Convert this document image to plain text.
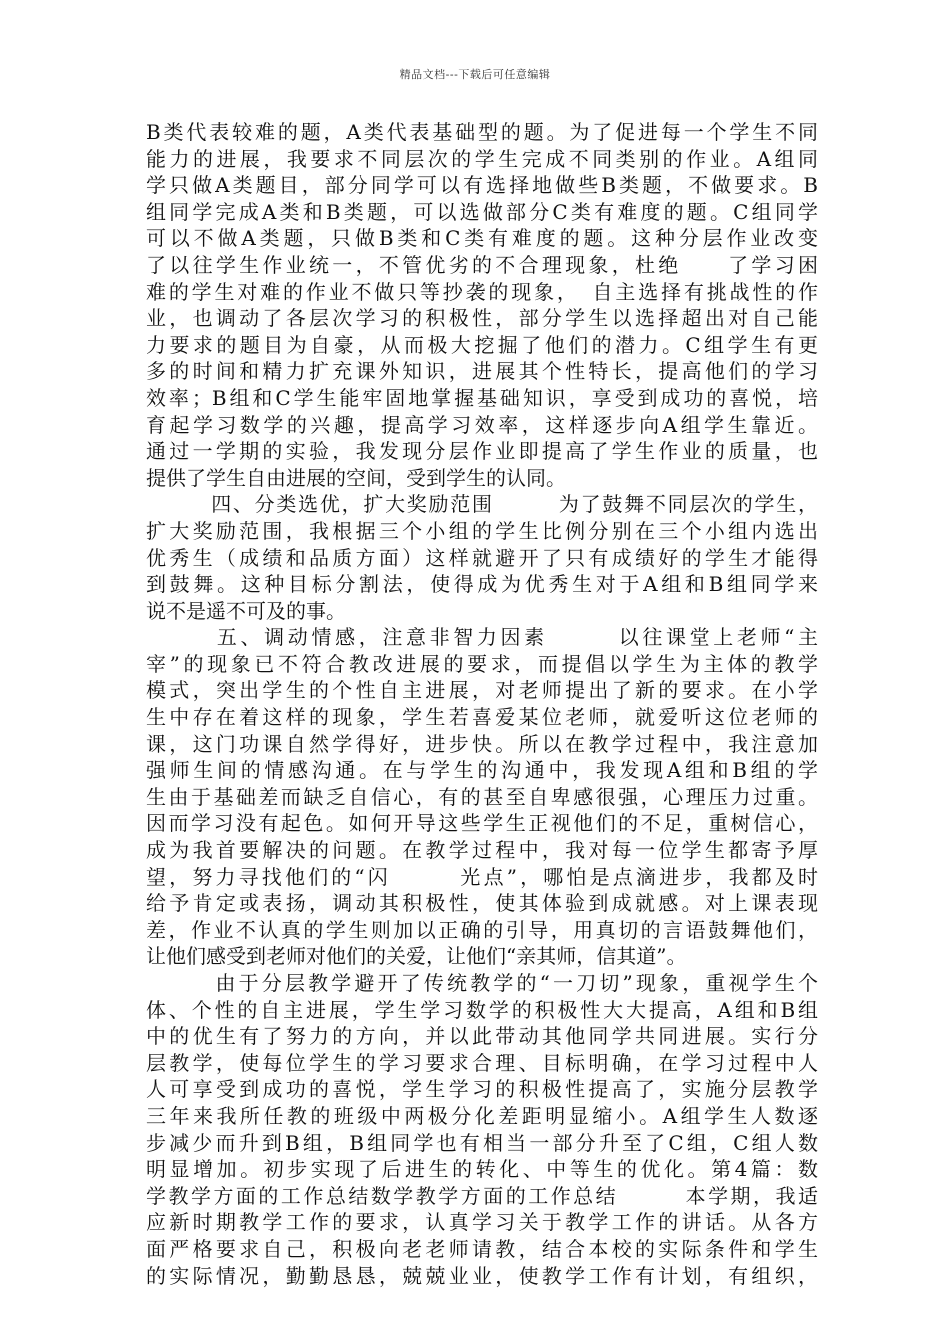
精品文档---下载后可任意编辑
B类代表较难的题，A类代表基础型的题。为了促进每一个学生不同
能力的进展，我要求不同层次的学生完成不同类别的作业。A组同
学只做A类题目，部分同学可以有选择地做些B类题，不做要求。B
组同学完成A类和B类题，可以选做部分C类有难度的题。C组同学
可以不做A类题，只做B类和C类有难度的题。这种分层作业改变
了以往学生作业统一，不管优劣的不合理现象，杜绝　　了学习困
难的学生对难的作业不做只等抄袭的现象，　自主选择有挑战性的作
业，也调动了各层次学习的积极性，部分学生以选择超出对自己能
力要求的题目为自豪，从而极大挖掘了他们的潜力。C组学生有更
多的时间和精力扩充课外知识，进展其个性特长，提高他们的学习
效率；B组和C学生能牢固地掌握基础知识，享受到成功的喜悦，培
育起学习数学的兴趣，提高学习效率，这样逐步向A组学生靠近。
通过一学期的实验，我发现分层作业即提高了学生作业的质量，也
提供了学生自由进展的空间，受到学生的认同。
　　　四、分类选优，扩大奖励范围　　　为了鼓舞不同层次的学生，
扩大奖励范围，我根据三个小组的学生比例分别在三个小组内选出
优秀生（成绩和品质方面）这样就避开了只有成绩好的学生才能得
到鼓舞。这种目标分割法，使得成为优秀生对于A组和B组同学来
说不是遥不可及的事。
　　　五、调动情感，注意非智力因素　　　以往课堂上老师“主
宰”的现象已不符合教改进展的要求，而提倡以学生为主体的教学
模式，突出学生的个性自主进展，对老师提出了新的要求。在小学
生中存在着这样的现象，学生若喜爱某位老师，就爱听这位老师的
课，这门功课自然学得好，进步快。所以在教学过程中，我注意加
强师生间的情感沟通。在与学生的沟通中，我发现A组和B组的学
生由于基础差而缺乏自信心，有的甚至自卑感很强，心理压力过重。
因而学习没有起色。如何开导这些学生正视他们的不足，重树信心，
成为我首要解决的问题。在教学过程中，我对每一位学生都寄予厚
望，努力寻找他们的“闪　　　光点”，哪怕是点滴进步，我都及时
给予肯定或表扬，调动其积极性，使其体验到成就感。对上课表现
差，作业不认真的学生则加以正确的引导，用真切的言语鼓舞他们，
让他们感受到老师对他们的关爱，让他们“亲其师，信其道”。
　　　由于分层教学避开了传统教学的“一刀切”现象，重视学生个
体、个性的自主进展，学生学习数学的积极性大大提高，A组和B组
中的优生有了努力的方向，并以此带动其他同学共同进展。实行分
层教学，使每位学生的学习要求合理、目标明确，在学习过程中人
人可享受到成功的喜悦，学生学习的积极性提高了，实施分层教学
三年来我所任教的班级中两极分化差距明显缩小。A组学生人数逐
步减少而升到B组，B组同学也有相当一部分升至了C组，C组人数
明显增加。初步实现了后进生的转化、中等生的优化。第4篇：数
学教学方面的工作总结数学教学方面的工作总结　　　本学期，我适
应新时期教学工作的要求，认真学习关于教学工作的讲话。从各方
面严格要求自己，积极向老老师请教，结合本校的实际条件和学生
的实际情况，勤勤恳恳，兢兢业业，使教学工作有计划，有组织，
